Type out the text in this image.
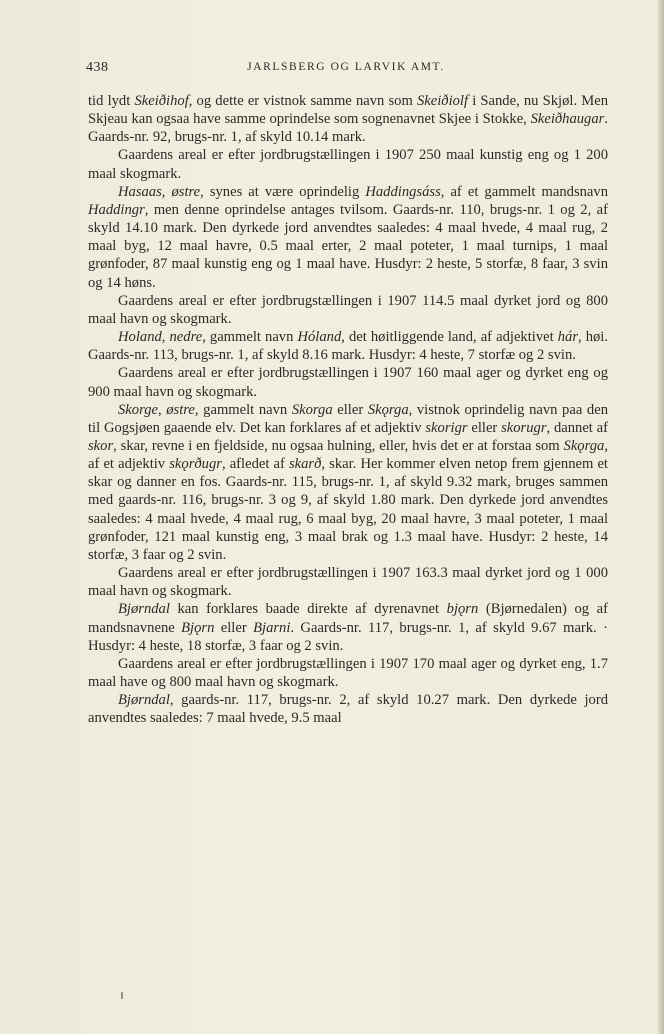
438	JARLSBERG OG LARVIK AMT.

tid lydt Skeiðihof, og dette er vistnok samme navn som Skeiðiolf i Sande, nu Skjøl. Men Skjeau kan ogsaa have samme oprindelse som sognenavnet Skjee i Stokke, Skeiðhaugar. Gaards-nr. 92, brugs-nr. 1, af skyld 10.14 mark.

Gaardens areal er efter jordbrugstællingen i 1907 250 maal kunstig eng og 1 200 maal skogmark.

Hasaas, østre, synes at være oprindelig Haddingsáss, af et gammelt mandsnavn Haddingr, men denne oprindelse antages tvilsom. Gaards-nr. 110, brugs-nr. 1 og 2, af skyld 14.10 mark. Den dyrkede jord anvendtes saaledes: 4 maal hvede, 4 maal rug, 2 maal byg, 12 maal havre, 0.5 maal erter, 2 maal poteter, 1 maal turnips, 1 maal grønfoder, 87 maal kunstig eng og 1 maal have. Husdyr: 2 heste, 5 storfæ, 8 faar, 3 svin og 14 høns.

Gaardens areal er efter jordbrugstællingen i 1907 114.5 maal dyrket jord og 800 maal havn og skogmark.

Holand, nedre, gammelt navn Hóland, det høitliggende land, af adjektivet hár, høi. Gaards-nr. 113, brugs-nr. 1, af skyld 8.16 mark. Husdyr: 4 heste, 7 storfæ og 2 svin.

Gaardens areal er efter jordbrugstællingen i 1907 160 maal ager og dyrket eng og 900 maal havn og skogmark.

Skorge, østre, gammelt navn Skorga eller Skǫrga, vistnok oprindelig navn paa den til Gogsjøen gaaende elv. Det kan forklares af et adjektiv skorigr eller skorugr, dannet af skor, skar, revne i en fjeldside, nu ogsaa hulning, eller, hvis det er at forstaa som Skǫrga, af et adjektiv skǫrðugr, afledet af skarð, skar. Her kommer elven netop frem gjennem et skar og danner en fos. Gaards-nr. 115, brugs-nr. 1, af skyld 9.32 mark, bruges sammen med gaards-nr. 116, brugs-nr. 3 og 9, af skyld 1.80 mark. Den dyrkede jord anvendtes saaledes: 4 maal hvede, 4 maal rug, 6 maal byg, 20 maal havre, 3 maal poteter, 1 maal grønfoder, 121 maal kunstig eng, 3 maal brak og 1.3 maal have. Husdyr: 2 heste, 14 storfæ, 3 faar og 2 svin.

Gaardens areal er efter jordbrugstællingen i 1907 163.3 maal dyrket jord og 1 000 maal havn og skogmark.

Bjørndal kan forklares baade direkte af dyrenavnet bjǫrn (Bjørnedalen) og af mandsnavnene Bjǫrn eller Bjarni. Gaards-nr. 117, brugs-nr. 1, af skyld 9.67 mark. · Husdyr: 4 heste, 18 storfæ, 3 faar og 2 svin.

Gaardens areal er efter jordbrugstællingen i 1907 170 maal ager og dyrket eng, 1.7 maal have og 800 maal havn og skogmark.

Bjørndal, gaards-nr. 117, brugs-nr. 2, af skyld 10.27 mark. Den dyrkede jord anvendtes saaledes: 7 maal hvede, 9.5 maal
